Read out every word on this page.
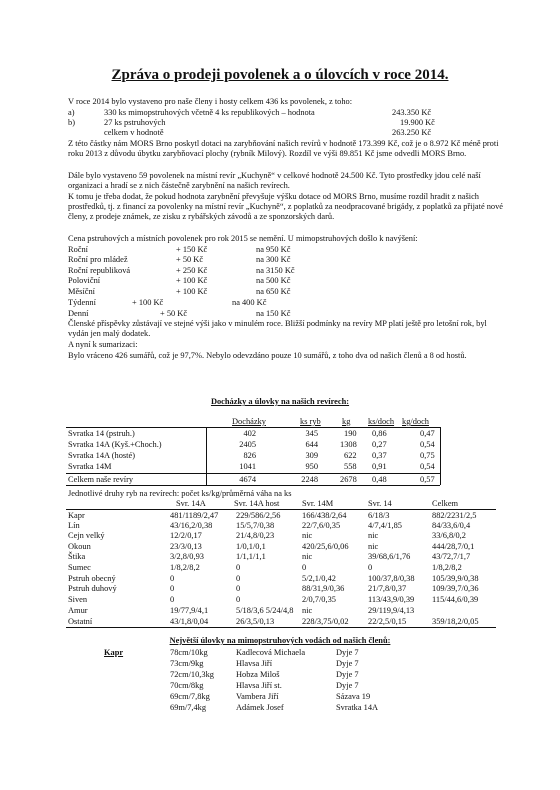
Zpráva o prodeji povolenek a o úlovcích v roce 2014.
V roce 2014 bylo vystaveno pro naše členy i hosty celkem 436 ks povolenek, z toho:
a)	330 ks mimopstruhových včetně 4 ks republikových – hodnota	243.350 Kč
b)	27 ks pstruhových	19.900 Kč
celkem v hodnotě	263.250 Kč
Z této částky nám MORS Brno poskytl dotaci na zarybňování našich revírů v hodnotě 173.399 Kč, což je o 8.972 Kč méně proti roku 2013 z důvodu úbytku zarybňovací plochy (rybník Milový). Rozdíl ve výši 89.851 Kč jsme odvedli MORS Brno.
Dále bylo vystaveno 59 povolenek na místní revír „Kuchyně“ v celkové hodnotě 24.500 Kč. Tyto prostředky jdou celé naší organizaci a hradí se z nich částečně zarybnění na našich revírech.
K tomu je třeba dodat, že pokud hodnota zarybnění převyšuje výšku dotace od MORS Brno, musíme rozdíl hradit z našich prostředků, tj. z financí za povolenky na místní revír „Kuchyně“, z poplatků za neodpracované brigády, z poplatků za přijaté nové členy, z prodeje známek, ze zisku z rybářských závodů a ze sponzorských darů.
Cena pstruhových a místních povolenek pro rok 2015 se nemění. U mimopstruhových došlo k navýšení:
Roční	+ 150 Kč	na 950 Kč
Roční pro mládež	+ 50 Kč	na 300 Kč
Roční republiková	+ 250 Kč	na 3150 Kč
Poloviční	+ 100 Kč	na 500 Kč
Měsíční	+ 100 Kč	na 650 Kč
Týdenní	+ 100 Kč	na 400 Kč
Denní	+ 50 Kč	na 150 Kč
Členské příspěvky zůstávají ve stejné výši jako v minulém roce. Bližší podmínky na revíry MP platí ještě pro letošní rok, byl vydán jen malý dodatek.
A nyní k sumarizaci:
Bylo vráceno 426 sumářů, což je 97,7%. Nebylo odevzdáno pouze 10 sumářů, z toho dva od našich členů a 8 od hostů.
Docházky a úlovky na našich revírech:
Docházky	ks ryb	kg ks/doch kg/doch
Svratka 14 (pstruh.)	402	345	190 0,86	0,47
Svratka 14A (Kyš.+Choch.)	2405	644	1308 0,27	0,54
Svratka 14A (hosté)	826	309	622 0,37	0,75
Svratka 14M	1041	950	558 0,91	0,54
Celkem naše revíry	4674	2248	2678 0,48	0,57
Jednotlivé druhy ryb na revírech: počet ks/kg/průměrná váha na ks
Svr. 14A	Svr. 14A host	Svr. 14M	Svr. 14	Celkem
Kapr	481/1189/2,47 229/586/2,56	166/438/2,64	6/18/3	882/2231/2,5
Lín	43/16,2/0,38	15/5,7/0,38	22/7,6/0,35	4/7,4/1,85	84/33,6/0,4
Cejn velký	12/2/0,17	21/4,8/0,23	nic	nic	33/6,8/0,2
Okoun	23/3/0,13	1/0,1/0,1	420/25,6/0,06 nic	444/28,7/0,1
Štika	3/2,8/0,93	1/1,1/1,1	nic	39/68,6/1,76	43/72,7/1,7
Sumec	1/8,2/8,2	0	0	0	1/8,2/8,2
Pstruh obecný	0	0	5/2,1/0,42	100/37,8/0,38 105/39,9/0,38
Pstruh duhový	0	0	88/31,9/0,36	21/7,8/0,37	109/39,7/0,36
Siven	0	0	2/0,7/0,35	113/43,9/0,39 115/44,6/0,39
Amur	19/77,9/4,1	5/18/3,6 5/24/4,8 nic	29/119,9/4,13
Ostatní	43/1,8/0,04	26/3,5/0,13	228/3,75/0,02 22/2,5/0,15	359/18,2/0,05
Největší úlovky na mimopstruhových vodách od našich členů:
Kapr	78cm/10kg	Kadlecová Michaela	Dyje 7
73cm/9kg	Hlavsa Jiří	Dyje 7
72cm/10,3kg	Hobza Miloš	Dyje 7
70cm/8kg	Hlavsa Jiří st.	Dyje 7
69cm/7,8kg	Vambera Jiří	Sázava 19
69m/7,4kg	Adámek Josef	Svratka 14A
